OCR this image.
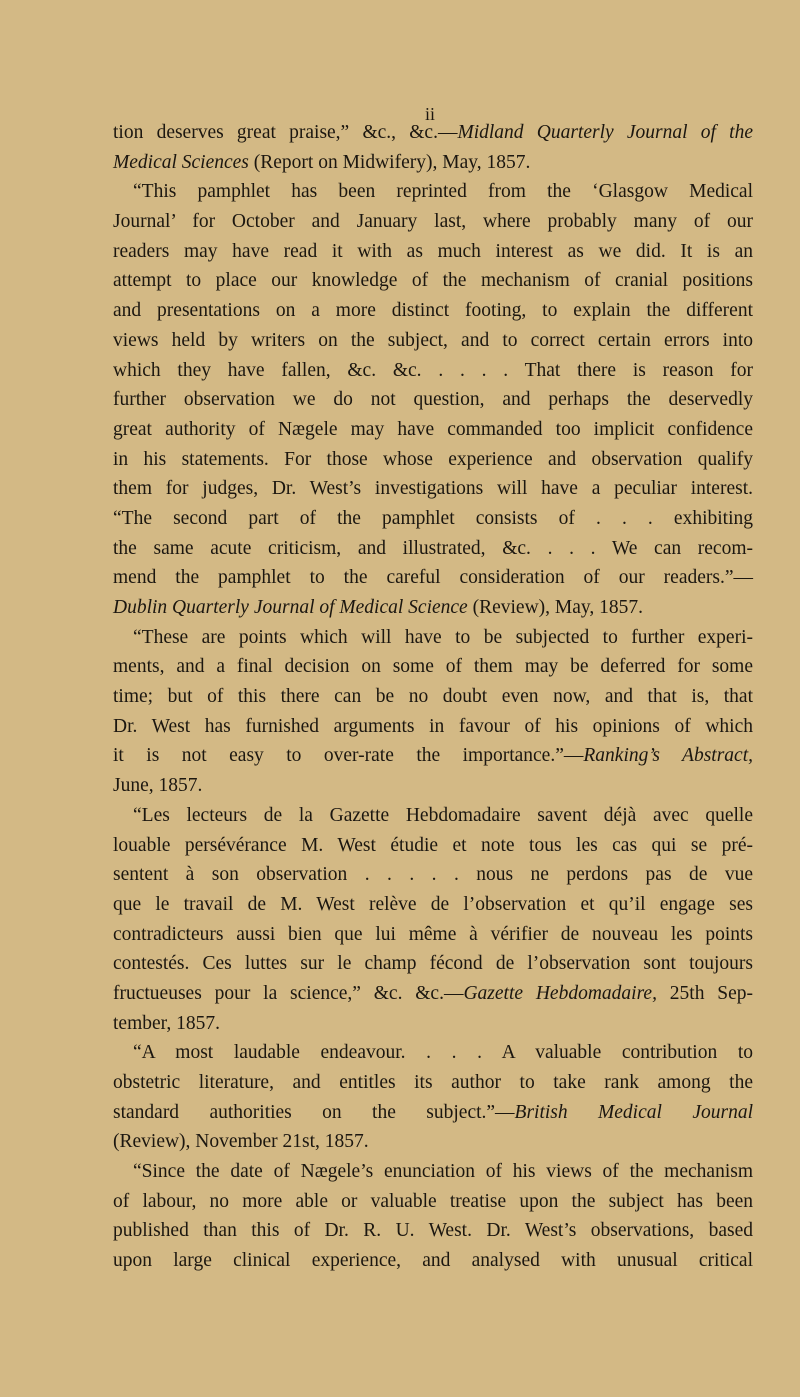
ii
tion deserves great praise,” &c., &c.—Midland Quarterly Journal of the
Medical Sciences (Report on Midwifery), May, 1857.
“This pamphlet has been reprinted from the ‘Glasgow Medical
Journal’ for October and January last, where probably many of our
readers may have read it with as much interest as we did. It is an
attempt to place our knowledge of the mechanism of cranial positions
and presentations on a more distinct footing, to explain the different
views held by writers on the subject, and to correct certain errors into
which they have fallen, &c. &c. . . . . That there is reason for
further observation we do not question, and perhaps the deservedly
great authority of Nægele may have commanded too implicit confidence
in his statements. For those whose experience and observation qualify
them for judges, Dr. West’s investigations will have a peculiar interest.
“The second part of the pamphlet consists of . . . exhibiting
the same acute criticism, and illustrated, &c. . . . We can recom-
mend the pamphlet to the careful consideration of our readers.”—
Dublin Quarterly Journal of Medical Science (Review), May, 1857.
“These are points which will have to be subjected to further experi-
ments, and a final decision on some of them may be deferred for some
time; but of this there can be no doubt even now, and that is, that
Dr. West has furnished arguments in favour of his opinions of which
it is not easy to over-rate the importance.”—Ranking’s Abstract,
June, 1857.
“Les lecteurs de la Gazette Hebdomadaire savent déjà avec quelle
louable persévérance M. West étudie et note tous les cas qui se pré-
sentent à son observation . . . . . nous ne perdons pas de vue
que le travail de M. West relève de l’observation et qu’il engage ses
contradicteurs aussi bien que lui même à vérifier de nouveau les points
contestés. Ces luttes sur le champ fécond de l’observation sont toujours
fructueuses pour la science,” &c. &c.—Gazette Hebdomadaire, 25th Sep-
tember, 1857.
“A most laudable endeavour. . . . A valuable contribution to
obstetric literature, and entitles its author to take rank among the
standard authorities on the subject.”—British Medical Journal
(Review), November 21st, 1857.
“Since the date of Nægele’s enunciation of his views of the mechanism
of labour, no more able or valuable treatise upon the subject has been
published than this of Dr. R. U. West. Dr. West’s observations, based
upon large clinical experience, and analysed with unusual critical
